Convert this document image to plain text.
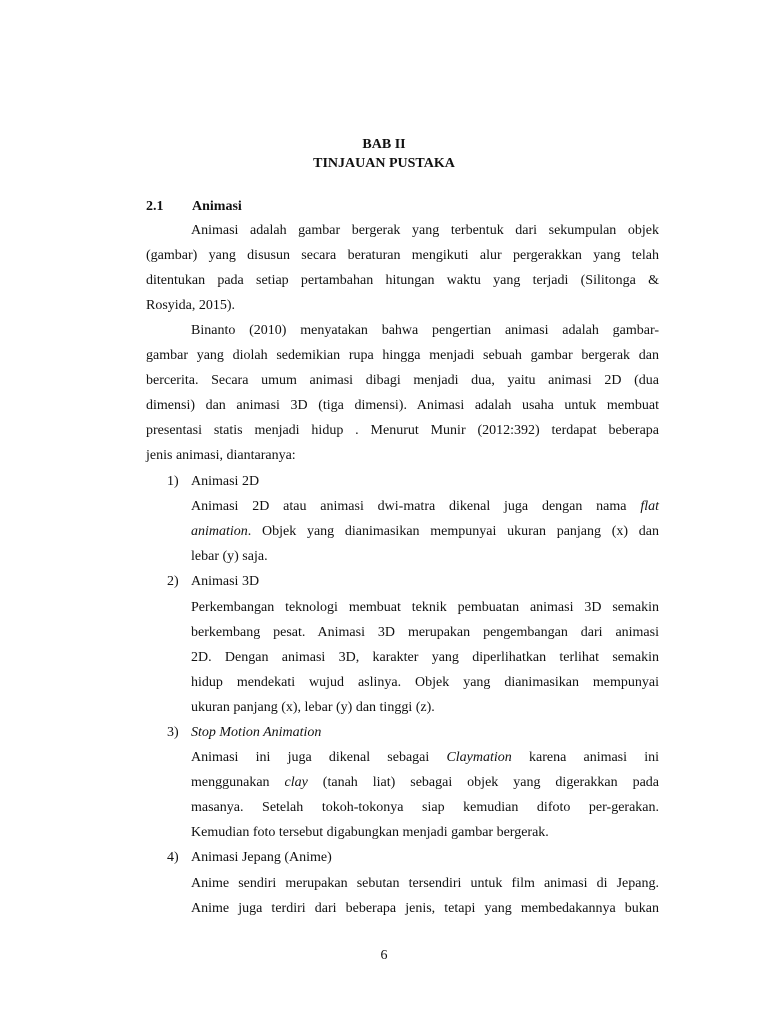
BAB II
TINJAUAN PUSTAKA
2.1 Animasi
Animasi adalah gambar bergerak yang terbentuk dari sekumpulan objek
(gambar) yang disusun secara beraturan mengikuti alur pergerakkan yang telah
ditentukan pada setiap pertambahan hitungan waktu yang terjadi (Silitonga &
Rosyida, 2015).
Binanto (2010) menyatakan bahwa pengertian animasi adalah gambar-
gambar yang diolah sedemikian rupa hingga menjadi sebuah gambar bergerak dan
bercerita. Secara umum animasi dibagi menjadi dua, yaitu animasi 2D (dua
dimensi) dan animasi 3D (tiga dimensi). Animasi adalah usaha untuk membuat
presentasi statis menjadi hidup . Menurut Munir (2012:392) terdapat beberapa
jenis animasi, diantaranya:
1) Animasi 2D
Animasi 2D atau animasi dwi-matra dikenal juga dengan nama flat
animation. Objek yang dianimasikan mempunyai ukuran panjang (x) dan
lebar (y) saja.
2) Animasi 3D
Perkembangan teknologi membuat teknik pembuatan animasi 3D semakin
berkembang pesat. Animasi 3D merupakan pengembangan dari animasi
2D. Dengan animasi 3D, karakter yang diperlihatkan terlihat semakin
hidup mendekati wujud aslinya. Objek yang dianimasikan mempunyai
ukuran panjang (x), lebar (y) dan tinggi (z).
3) Stop Motion Animation
Animasi ini juga dikenal sebagai Claymation karena animasi ini
menggunakan clay (tanah liat) sebagai objek yang digerakkan pada
masanya. Setelah tokoh-tokonya siap kemudian difoto per-gerakan.
Kemudian foto tersebut digabungkan menjadi gambar bergerak.
4) Animasi Jepang (Anime)
Anime sendiri merupakan sebutan tersendiri untuk film animasi di Jepang.
Anime juga terdiri dari beberapa jenis, tetapi yang membedakannya bukan
6
